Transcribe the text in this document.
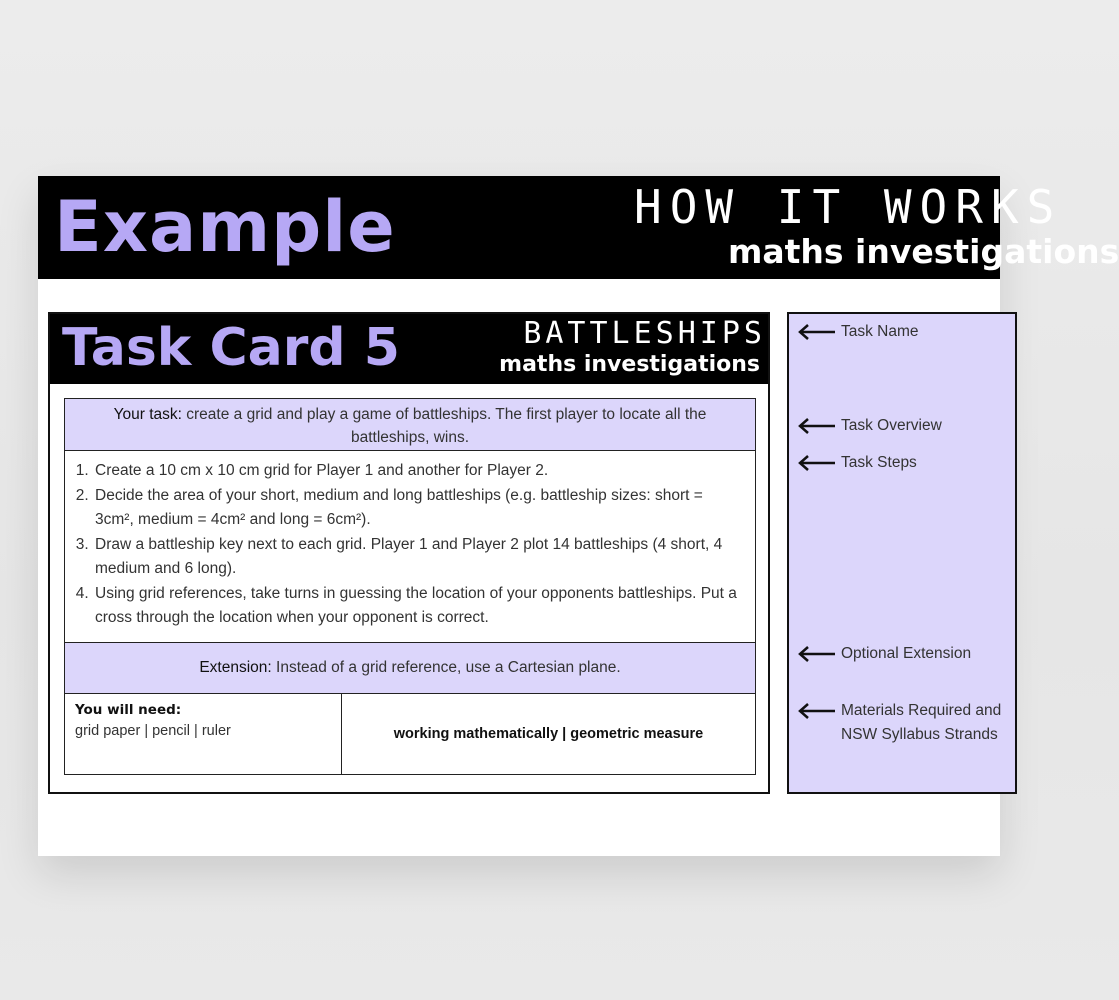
Example	HOW IT WORKS
maths investigations
Task Card 5	BATTLESHIPS
maths investigations
Your task: create a grid and play a game of battleships. The first player to locate all the battleships, wins.
1. Create a 10 cm x 10 cm grid for Player 1 and another for Player 2.
2. Decide the area of your short, medium and long battleships (e.g. battleship sizes: short = 3cm², medium = 4cm² and long = 6cm²).
3. Draw a battleship key next to each grid. Player 1 and Player 2 plot 14 battleships (4 short, 4 medium and 6 long).
4. Using grid references, take turns in guessing the location of your opponents battleships. Put a cross through the location when your opponent is correct.
Extension: Instead of a grid reference, use a Cartesian plane.
You will need:
grid paper | pencil | ruler	working mathematically | geometric measure
Task Name
Task Overview
Task Steps
Optional Extension
Materials Required and
NSW Syllabus Strands
